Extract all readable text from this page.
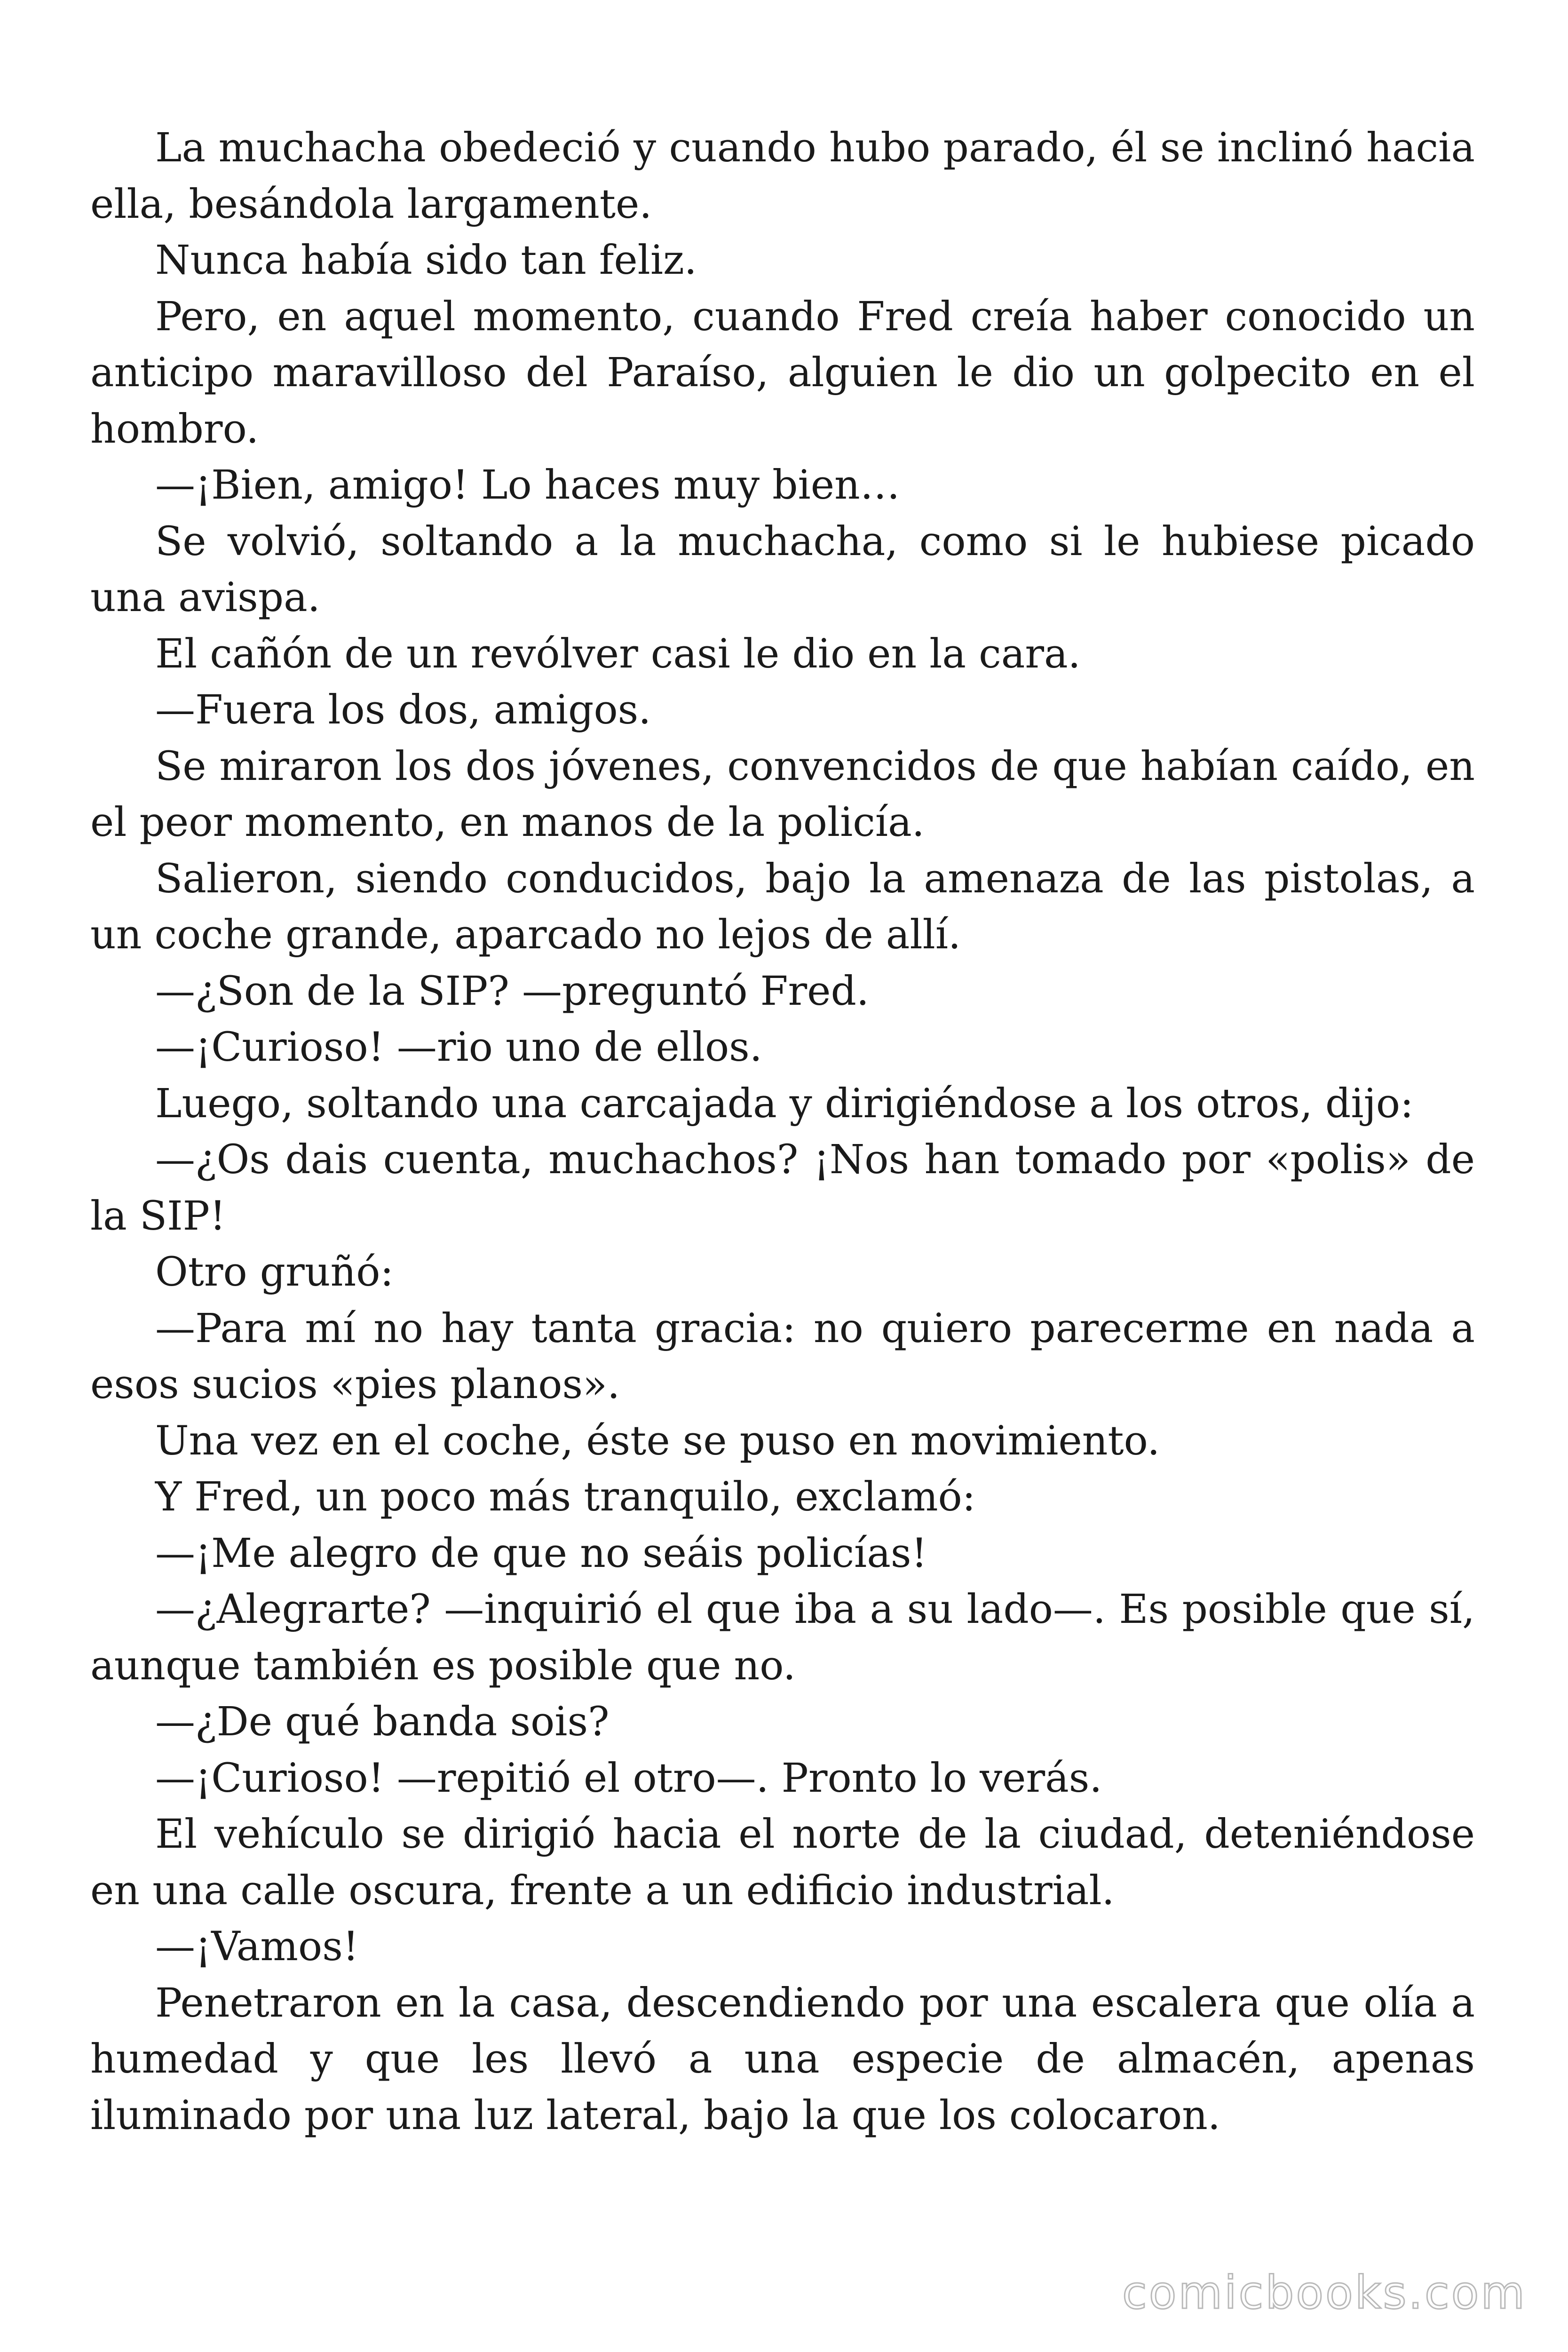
La muchacha obedeció y cuando hubo parado, él se inclinó hacia ella, besándola largamente.

Nunca había sido tan feliz.

Pero, en aquel momento, cuando Fred creía haber conocido un anticipo maravilloso del Paraíso, alguien le dio un golpecito en el hombro.

—¡Bien, amigo! Lo haces muy bien…

Se volvió, soltando a la muchacha, como si le hubiese picado una avispa.

El cañón de un revólver casi le dio en la cara.

—Fuera los dos, amigos.

Se miraron los dos jóvenes, convencidos de que habían caído, en el peor momento, en manos de la policía.

Salieron, siendo conducidos, bajo la amenaza de las pistolas, a un coche grande, aparcado no lejos de allí.

—¿Son de la SIP? —preguntó Fred.

—¡Curioso! —rio uno de ellos.

Luego, soltando una carcajada y dirigiéndose a los otros, dijo:

—¿Os dais cuenta, muchachos? ¡Nos han tomado por «polis» de la SIP!

Otro gruñó:

—Para mí no hay tanta gracia: no quiero parecerme en nada a esos sucios «pies planos».

Una vez en el coche, éste se puso en movimiento.

Y Fred, un poco más tranquilo, exclamó:

—¡Me alegro de que no seáis policías!

—¿Alegrarte? —inquirió el que iba a su lado—. Es posible que sí, aunque también es posible que no.

—¿De qué banda sois?

—¡Curioso! —repitió el otro—. Pronto lo verás.

El vehículo se dirigió hacia el norte de la ciudad, deteniéndose en una calle oscura, frente a un edificio industrial.

—¡Vamos!

Penetraron en la casa, descendiendo por una escalera que olía a humedad y que les llevó a una especie de almacén, apenas iluminado por una luz lateral, bajo la que los colocaron.

comicbooks.com
